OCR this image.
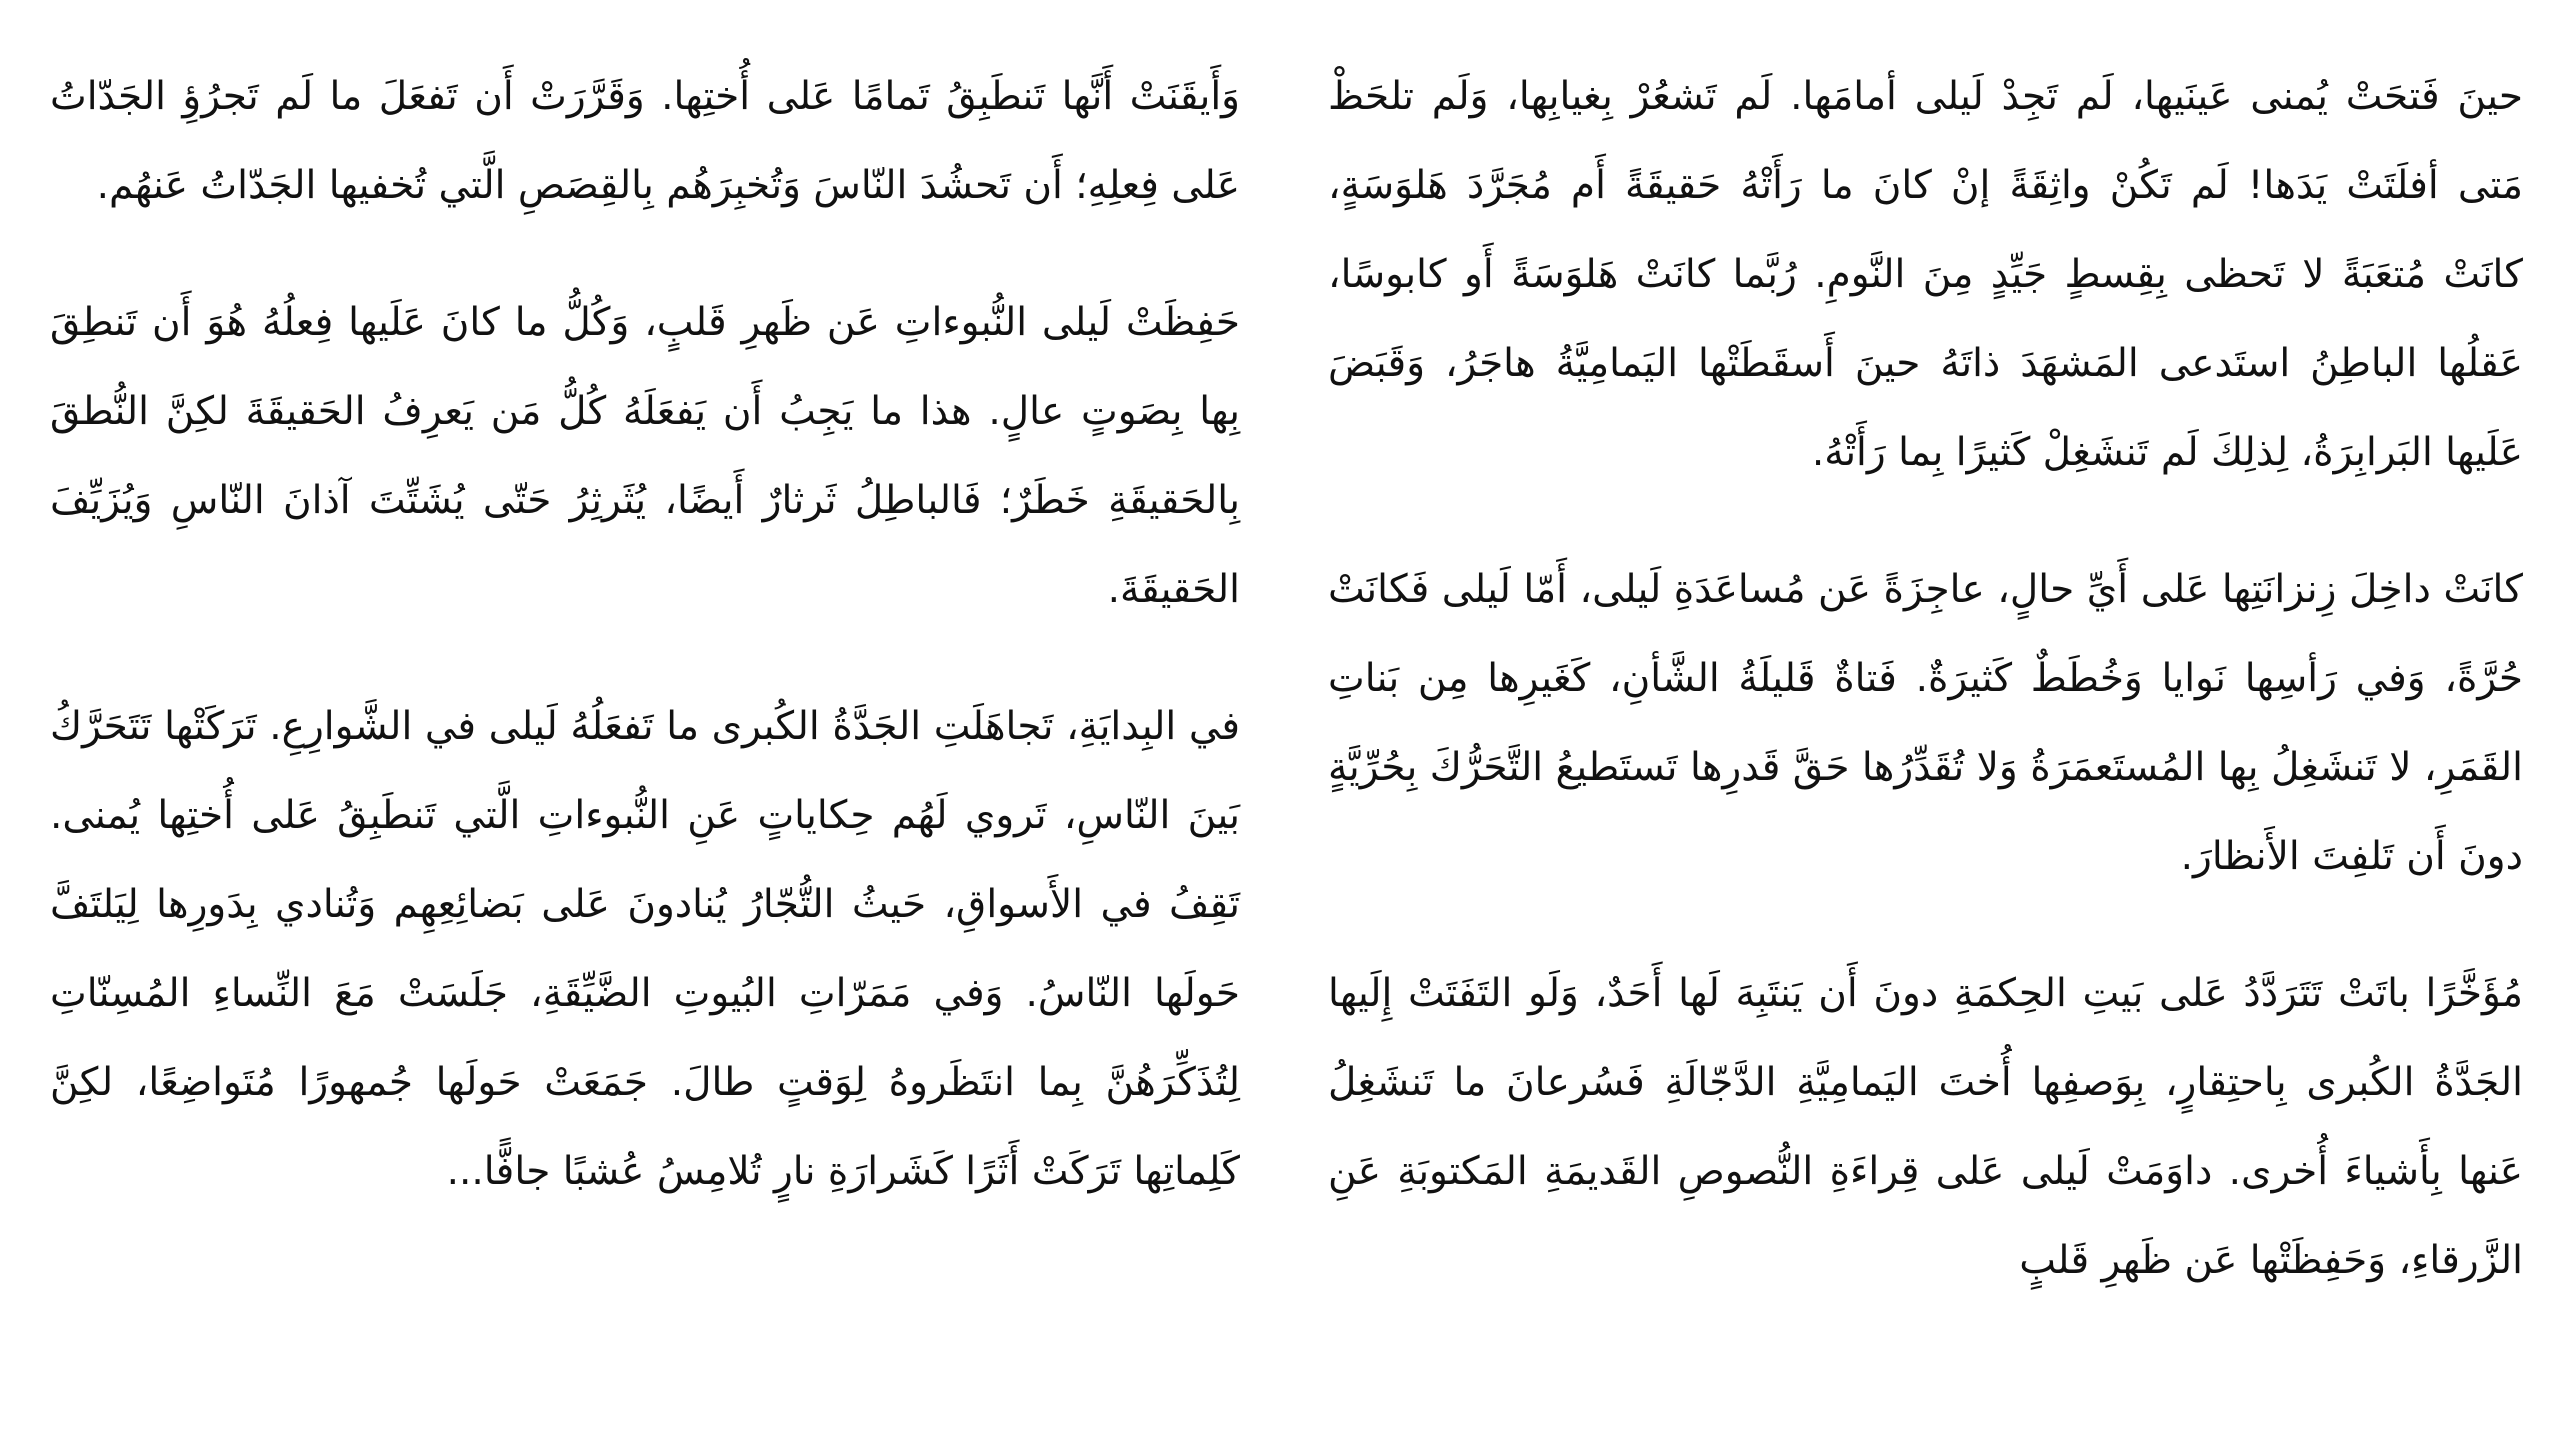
حينَ فَتحَتْ يُمنى عَينَيها، لَم تَجِدْ لَيلى أمامَها. لَم تَشعُرْ بِغيابِها، وَلَم تلحَظْ مَتى أفلَتَتْ يَدَها! لَم تَكُنْ واثِقَةً إنْ كانَ ما رَأَتْهُ حَقيقَةً أَم مُجَرَّدَ هَلوَسَةٍ، كانَتْ مُتعَبَةً لا تَحظى بِقِسطٍ جَيِّدٍ مِنَ النَّومِ. رُبَّما كانَتْ هَلوَسَةً أَو كابوسًا، عَقلُها الباطِنُ استَدعى المَشهَدَ ذاتَهُ حينَ أَسقَطَتْها اليَمامِيَّةُ هاجَرُ، وَقَبَضَ عَلَيها البَرابِرَةُ، لِذلِكَ لَم تَنشَغِلْ كَثيرًا بِما رَأَتْهُ.

كانَتْ داخِلَ زِنزانَتِها عَلى أَيِّ حالٍ، عاجِزَةً عَن مُساعَدَةِ لَيلى، أَمّا لَيلى فَكانَتْ حُرَّةً، وَفي رَأسِها نَوايا وَخُطَطٌ كَثيرَةٌ. فَتاةٌ قَليلَةُ الشَّأنِ، كَغَيرِها مِن بَناتِ القَمَرِ، لا تَنشَغِلُ بِها المُستَعمَرَةُ وَلا تُقَدِّرُها حَقَّ قَدرِها تَستَطيعُ التَّحَرُّكَ بِحُرِّيَّةٍ دونَ أَن تَلفِتَ الأَنظارَ.

مُؤَخَّرًا باتَتْ تَتَرَدَّدُ عَلى بَيتِ الحِكمَةِ دونَ أَن يَنتَبِهَ لَها أَحَدٌ، وَلَو التَفَتَتْ إِلَيها الجَدَّةُ الكُبرى بِاحتِقارٍ، بِوَصفِها أُختَ اليَمامِيَّةِ الدَّجّالَةِ فَسُرعانَ ما تَنشَغِلُ عَنها بِأَشياءَ أُخرى. داوَمَتْ لَيلى عَلى قِراءَةِ النُّصوصِ القَديمَةِ المَكتوبَةِ عَنِ الزَّرقاءِ، وَحَفِظَتْها عَن ظَهرِ قَلبٍ

وَأَيقَنَتْ أَنَّها تَنطَبِقُ تَمامًا عَلى أُختِها. وَقَرَّرَتْ أَن تَفعَلَ ما لَم تَجرُؤِ الجَدّاتُ عَلى فِعلِهِ؛ أَن تَحشُدَ النّاسَ وَتُخبِرَهُم بِالقِصَصِ الَّتي تُخفيها الجَدّاتُ عَنهُم.

حَفِظَتْ لَيلى النُّبوءاتِ عَن ظَهرِ قَلبٍ، وَكُلُّ ما كانَ عَلَيها فِعلُهُ هُوَ أَن تَنطِقَ بِها بِصَوتٍ عالٍ. هذا ما يَجِبُ أَن يَفعَلَهُ كُلُّ مَن يَعرِفُ الحَقيقَةَ لكِنَّ النُّطقَ بِالحَقيقَةِ خَطَرٌ؛ فَالباطِلُ ثَرثارٌ أَيضًا، يُثَرثِرُ حَتّى يُشَتِّتَ آذانَ النّاسِ وَيُزَيِّفَ الحَقيقَةَ.

في البِدايَةِ، تَجاهَلَتِ الجَدَّةُ الكُبرى ما تَفعَلُهُ لَيلى في الشَّوارِعِ. تَرَكَتْها تَتَحَرَّكُ بَينَ النّاسِ، تَروي لَهُم حِكاياتٍ عَنِ النُّبوءاتِ الَّتي تَنطَبِقُ عَلى أُختِها يُمنى. تَقِفُ في الأَسواقِ، حَيثُ التُّجّارُ يُنادونَ عَلى بَضائِعِهِم وَتُنادي بِدَورِها لِيَلتَفَّ حَولَها النّاسُ. وَفي مَمَرّاتِ البُيوتِ الضَّيِّقَةِ، جَلَسَتْ مَعَ النِّساءِ المُسِنّاتِ لِتُذَكِّرَهُنَّ بِما انتَظَروهُ لِوَقتٍ طالَ. جَمَعَتْ حَولَها جُمهورًا مُتَواضِعًا، لكِنَّ كَلِماتِها تَرَكَتْ أَثَرًا كَشَرارَةِ نارٍ تُلامِسُ عُشبًا جافًّا...
